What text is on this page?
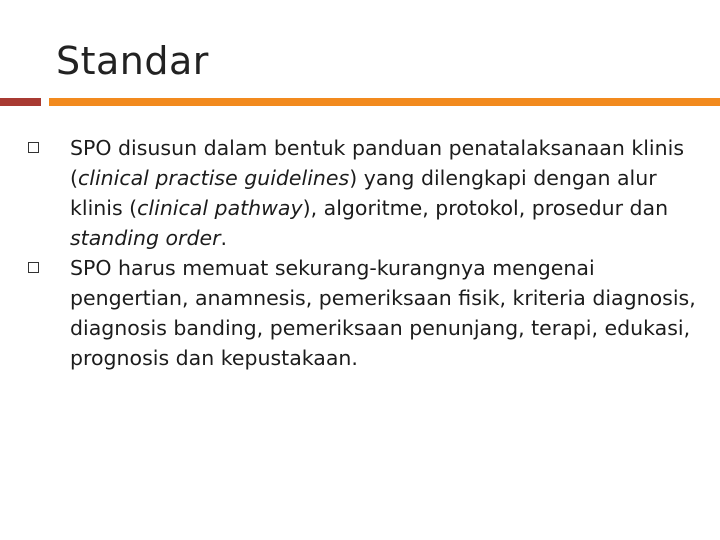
Standar
SPO disusun dalam bentuk panduan penatalaksanaan klinis (clinical practise guidelines) yang dilengkapi dengan alur klinis (clinical pathway), algoritme, protokol, prosedur dan standing order.
SPO harus memuat sekurang-kurangnya mengenai pengertian, anamnesis, pemeriksaan fisik, kriteria diagnosis, diagnosis banding, pemeriksaan penunjang, terapi, edukasi, prognosis dan kepustakaan.
